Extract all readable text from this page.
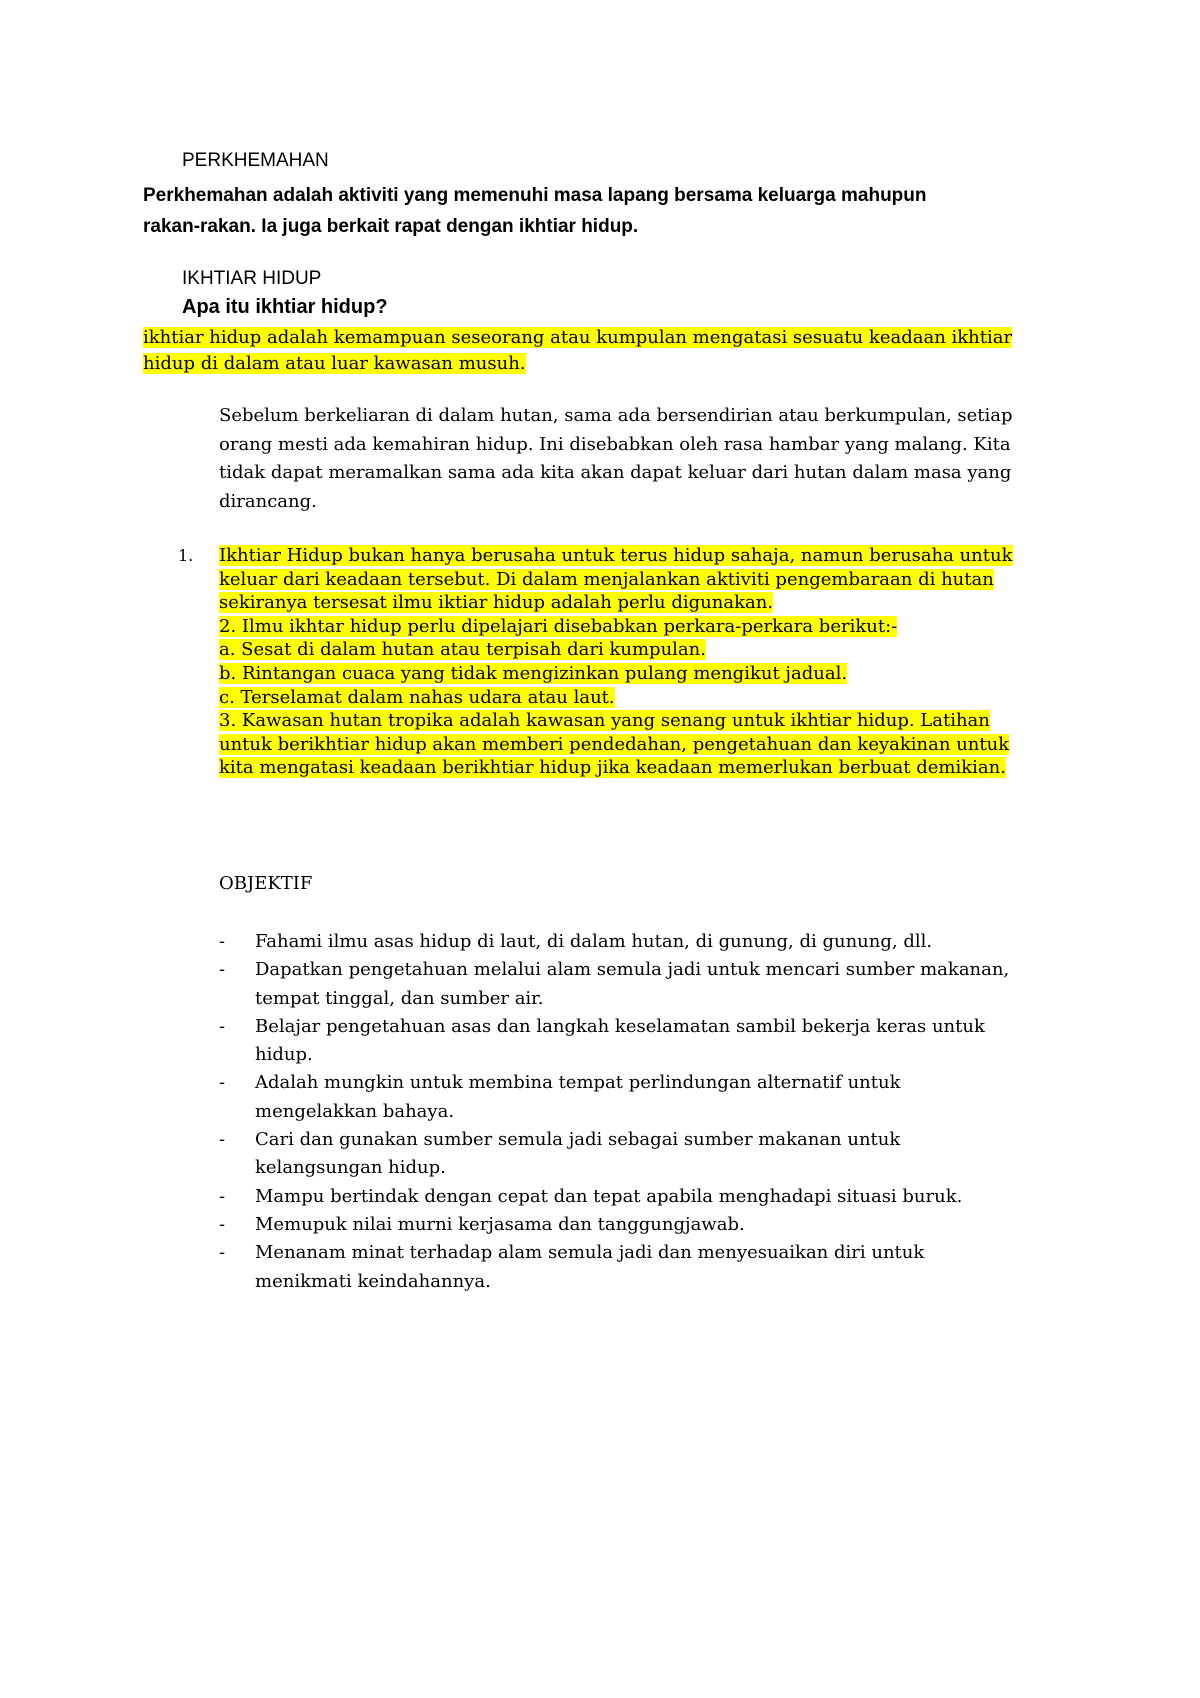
PERKHEMAHAN
Perkhemahan adalah aktiviti yang memenuhi masa lapang bersama keluarga mahupun
rakan-rakan. Ia juga berkait rapat dengan ikhtiar hidup.
IKHTIAR HIDUP
Apa itu ikhtiar hidup?
ikhtiar hidup adalah kemampuan seseorang atau kumpulan mengatasi sesuatu keadaan ikhtiar
hidup di dalam atau luar kawasan musuh.
Sebelum berkeliaran di dalam hutan, sama ada bersendirian atau berkumpulan, setiap
orang mesti ada kemahiran hidup. Ini disebabkan oleh rasa hambar yang malang. Kita
tidak dapat meramalkan sama ada kita akan dapat keluar dari hutan dalam masa yang
dirancang.
1. Ikhtiar Hidup bukan hanya berusaha untuk terus hidup sahaja, namun berusaha untuk
keluar dari keadaan tersebut. Di dalam menjalankan aktiviti pengembaraan di hutan
sekiranya tersesat ilmu iktiar hidup adalah perlu digunakan.
2. Ilmu ikhtar hidup perlu dipelajari disebabkan perkara-perkara berikut:-
a. Sesat di dalam hutan atau terpisah dari kumpulan.
b. Rintangan cuaca yang tidak mengizinkan pulang mengikut jadual.
c. Terselamat dalam nahas udara atau laut.
3. Kawasan hutan tropika adalah kawasan yang senang untuk ikhtiar hidup. Latihan
untuk berikhtiar hidup akan memberi pendedahan, pengetahuan dan keyakinan untuk
kita mengatasi keadaan berikhtiar hidup jika keadaan memerlukan berbuat demikian.
OBJEKTIF
- Fahami ilmu asas hidup di laut, di dalam hutan, di gunung, di gunung, dll.
- Dapatkan pengetahuan melalui alam semula jadi untuk mencari sumber makanan,
tempat tinggal, dan sumber air.
- Belajar pengetahuan asas dan langkah keselamatan sambil bekerja keras untuk
hidup.
- Adalah mungkin untuk membina tempat perlindungan alternatif untuk
mengelakkan bahaya.
- Cari dan gunakan sumber semula jadi sebagai sumber makanan untuk
kelangsungan hidup.
- Mampu bertindak dengan cepat dan tepat apabila menghadapi situasi buruk.
- Memupuk nilai murni kerjasama dan tanggungjawab.
- Menanam minat terhadap alam semula jadi dan menyesuaikan diri untuk
menikmati keindahannya.
